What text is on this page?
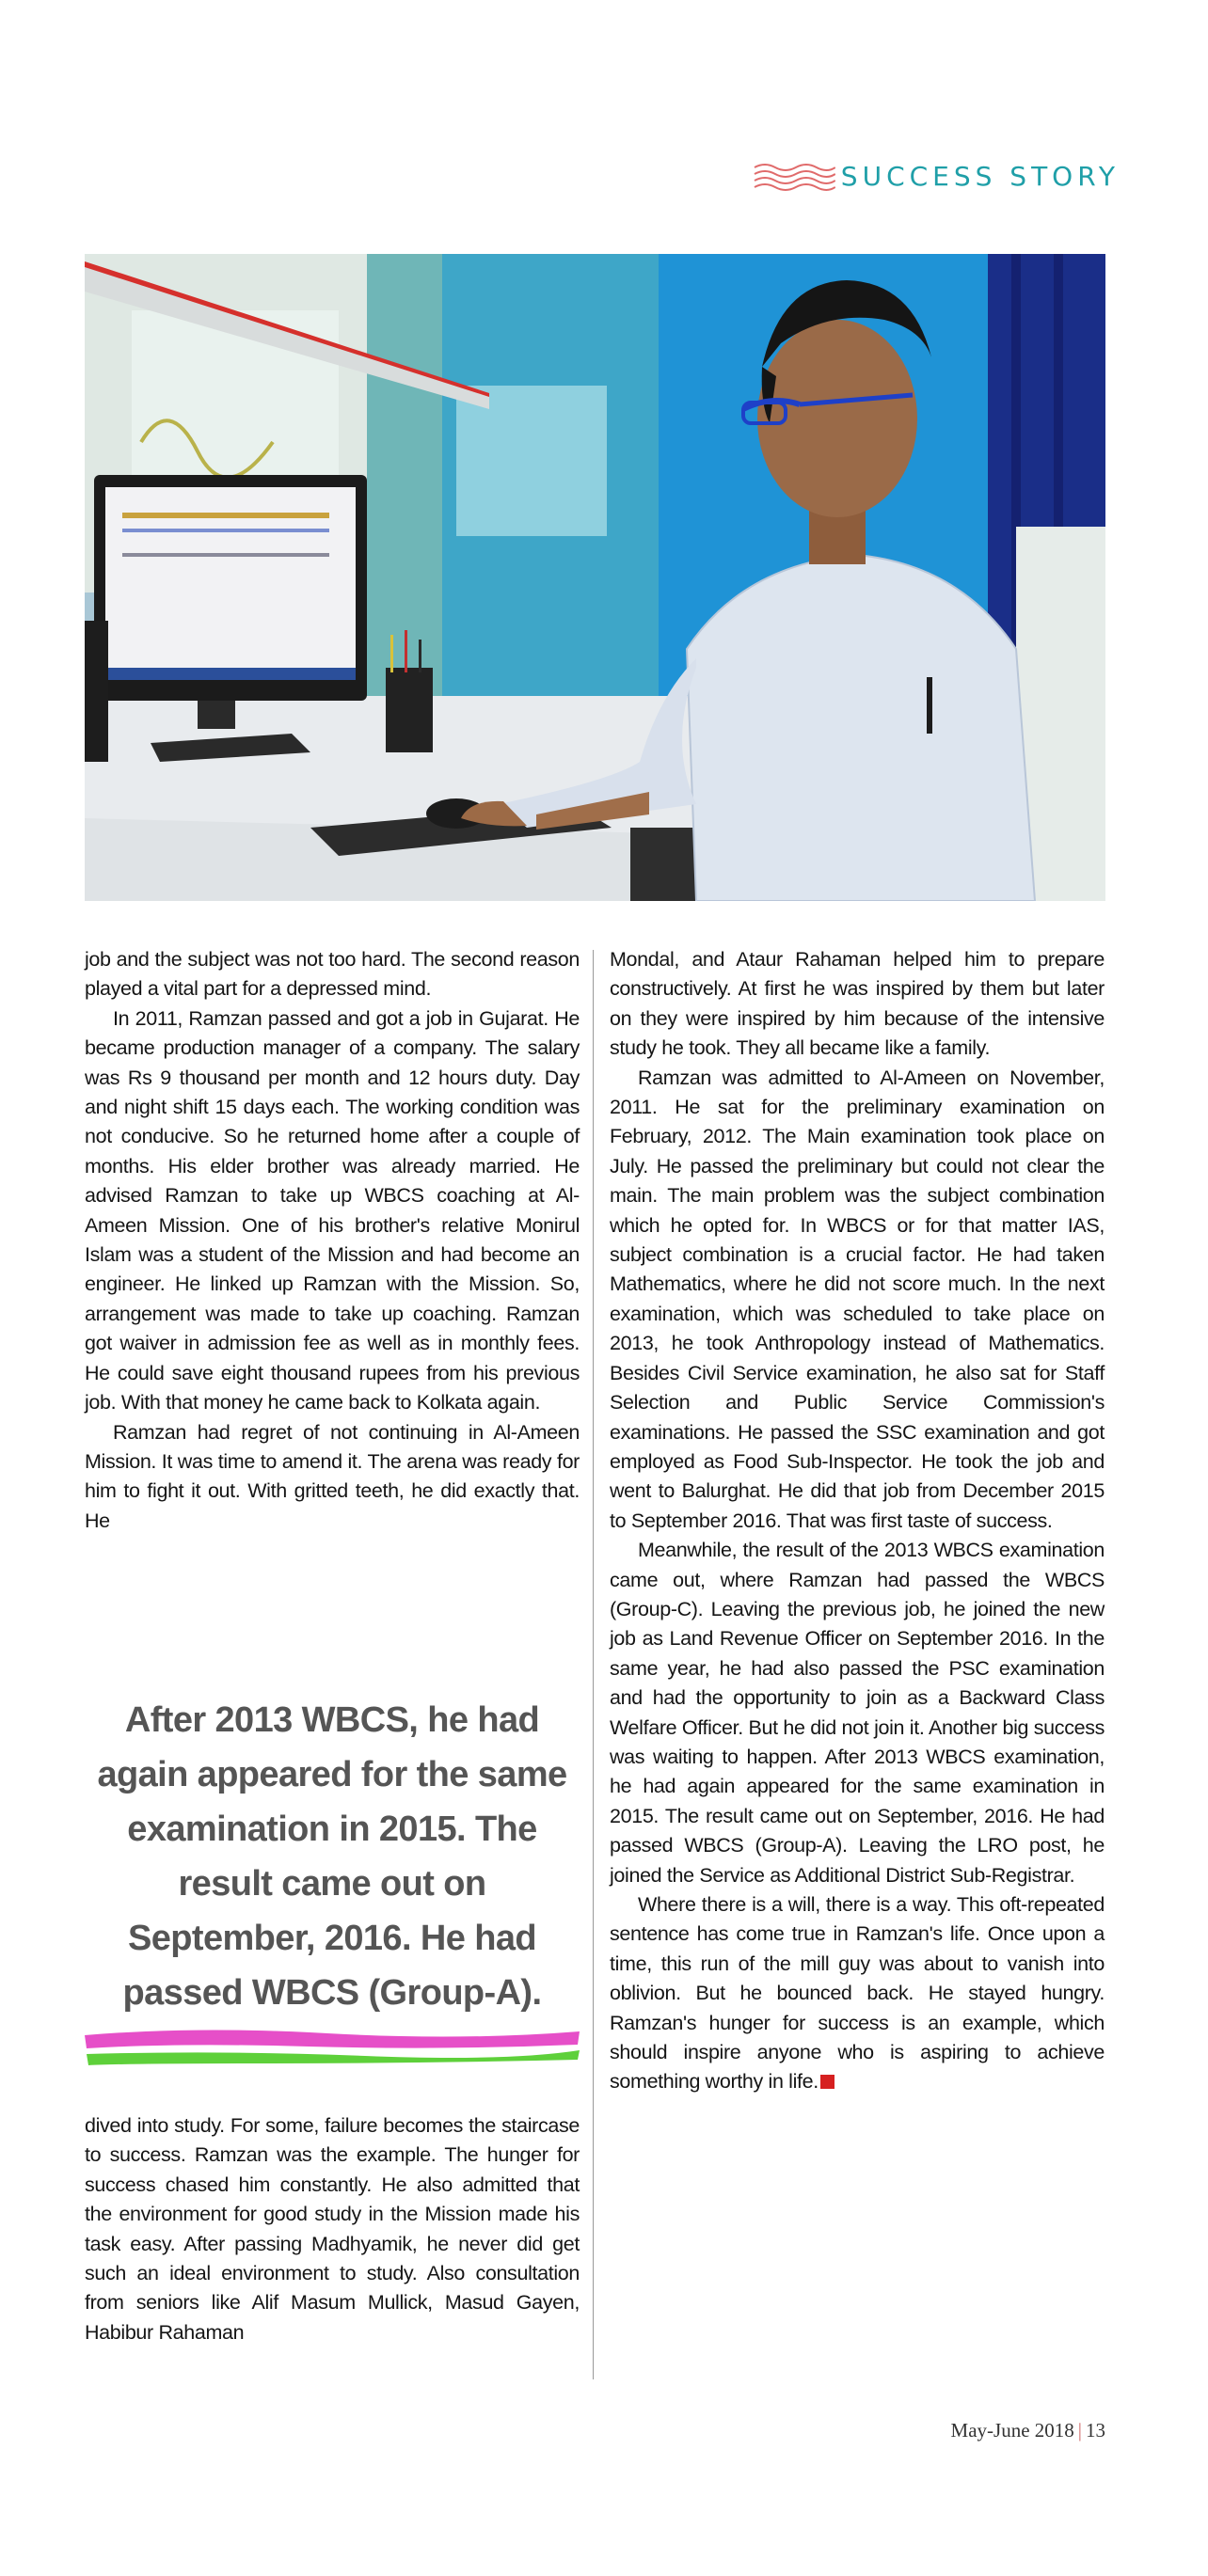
SUCCESS STORY

job and the subject was not too hard. The second reason played a vital part for a depressed mind.

In 2011, Ramzan passed and got a job in Gujarat. He became production manager of a company. The salary was Rs 9 thousand per month and 12 hours duty. Day and night shift 15 days each. The working condition was not conducive. So he returned home after a couple of months. His elder brother was already married. He advised Ramzan to take up WBCS coaching at Al-Ameen Mission. One of his brother's relative Monirul Islam was a student of the Mission and had become an engineer. He linked up Ramzan with the Mission. So, arrangement was made to take up coaching. Ramzan got waiver in admission fee as well as in monthly fees. He could save eight thousand rupees from his previous job. With that money he came back to Kolkata again.

Ramzan had regret of not continuing in Al-Ameen Mission. It was time to amend it. The arena was ready for him to fight it out. With gritted teeth, he did exactly that. He

After 2013 WBCS, he had again appeared for the same examination in 2015. The result came out on September, 2016. He had passed WBCS (Group-A).

dived into study. For some, failure becomes the staircase to success. Ramzan was the example. The hunger for success chased him constantly. He also admitted that the environment for good study in the Mission made his task easy. After passing Madhyamik, he never did get such an ideal environment to study. Also consultation from seniors like Alif Masum Mullick, Masud Gayen, Habibur Rahaman

Mondal, and Ataur Rahaman helped him to prepare constructively. At first he was inspired by them but later on they were inspired by him because of the intensive study he took. They all became like a family.

Ramzan was admitted to Al-Ameen on November, 2011. He sat for the preliminary examination on February, 2012. The Main examination took place on July. He passed the preliminary but could not clear the main. The main problem was the subject combination which he opted for. In WBCS or for that matter IAS, subject combination is a crucial factor. He had taken Mathematics, where he did not score much. In the next examination, which was scheduled to take place on 2013, he took Anthropology instead of Mathematics. Besides Civil Service examination, he also sat for Staff Selection and Public Service Commission's examinations. He passed the SSC examination and got employed as Food Sub-Inspector. He took the job and went to Balurghat. He did that job from December 2015 to September 2016. That was first taste of success.

Meanwhile, the result of the 2013 WBCS examination came out, where Ramzan had passed the WBCS (Group-C). Leaving the previous job, he joined the new job as Land Revenue Officer on September 2016. In the same year, he had also passed the PSC examination and had the opportunity to join as a Backward Class Welfare Officer. But he did not join it. Another big success was waiting to happen. After 2013 WBCS examination, he had again appeared for the same examination in 2015. The result came out on September, 2016. He had passed WBCS (Group-A). Leaving the LRO post, he joined the Service as Additional District Sub-Registrar.

Where there is a will, there is a way. This oft-repeated sentence has come true in Ramzan's life. Once upon a time, this run of the mill guy was about to vanish into oblivion. But he bounced back. He stayed hungry. Ramzan's hunger for success is an example, which should inspire anyone who is aspiring to achieve something worthy in life.

May-June 2018 | 13
